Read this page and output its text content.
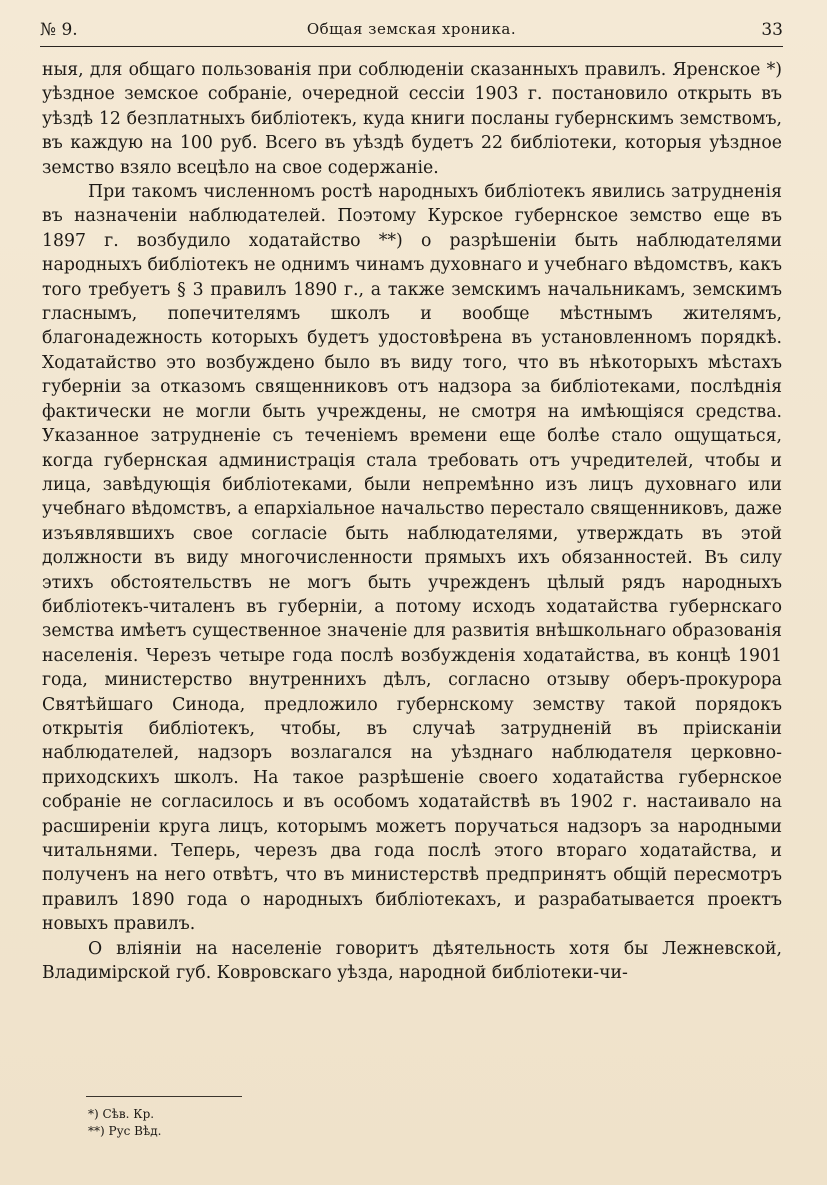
№ 9.	Общая земская хроника.	33

ныя, для общаго пользованія при соблюденіи сказанныхъ правилъ. Яренское *) уѣздное земское собраніе, очередной сессіи 1903 г. постановило открыть въ уѣздѣ 12 безплатныхъ библіотекъ, куда книги посланы губернскимъ земствомъ, въ каждую на 100 руб. Всего въ уѣздѣ будетъ 22 библіотеки, которыя уѣздное земство взяло всецѣло на свое содержаніе.

При такомъ численномъ ростѣ народныхъ библіотекъ явились затрудненія въ назначеніи наблюдателей. Поэтому Курское губернское земство еще въ 1897 г. возбудило ходатайство **) о разрѣшеніи быть наблюдателями народныхъ библіотекъ не однимъ чинамъ духовнаго и учебнаго вѣдомствъ, какъ того требуетъ § 3 правилъ 1890 г., а также земскимъ начальникамъ, земскимъ гласнымъ, попечителямъ школъ и вообще мѣстнымъ жителямъ, благонадежность которыхъ будетъ удостовѣрена въ установленномъ порядкѣ. Ходатайство это возбуждено было въ виду того, что въ нѣкоторыхъ мѣстахъ губерніи за отказомъ священниковъ отъ надзора за библіотеками, послѣднія фактически не могли быть учреждены, не смотря на имѣющіяся средства. Указанное затрудненіе съ теченіемъ времени еще болѣе стало ощущаться, когда губернская администрація стала требовать отъ учредителей, чтобы и лица, завѣдующія библіотеками, были непремѣнно изъ лицъ духовнаго или учебнаго вѣдомствъ, а епархіальное начальство перестало священниковъ, даже изъявлявшихъ свое согласіе быть наблюдателями, утверждать въ этой должности въ виду многочисленности прямыхъ ихъ обязанностей. Въ силу этихъ обстоятельствъ не могъ быть учрежденъ цѣлый рядъ народныхъ библіотекъ-читаленъ въ губерніи, а потому исходъ ходатайства губернскаго земства имѣетъ существенное значеніе для развитія внѣшкольнаго образованія населенія. Черезъ четыре года послѣ возбужденія ходатайства, въ концѣ 1901 года, министерство внутреннихъ дѣлъ, согласно отзыву оберъ-прокурора Святѣйшаго Синода, предложило губернскому земству такой порядокъ открытія библіотекъ, чтобы, въ случаѣ затрудненій въ пріисканіи наблюдателей, надзоръ возлагался на уѣзднаго наблюдателя церковно-приходскихъ школъ. На такое разрѣшеніе своего ходатайства губернское собраніе не согласилось и въ особомъ ходатайствѣ въ 1902 г. настаивало на расширеніи круга лицъ, которымъ можетъ поручаться надзоръ за народными читальнями. Теперь, черезъ два года послѣ этого втораго ходатайства, и полученъ на него отвѣтъ, что въ министерствѣ предпринятъ общій пересмотръ правилъ 1890 года о народныхъ библіотекахъ, и разрабатывается проектъ новыхъ правилъ.

О вліяніи на населеніе говоритъ дѣятельность хотя бы Лежневской, Владимірской губ. Ковровскаго уѣзда, народной библіотеки-чи-

*) Сѣв. Кр.
**) Рус Вѣд.
